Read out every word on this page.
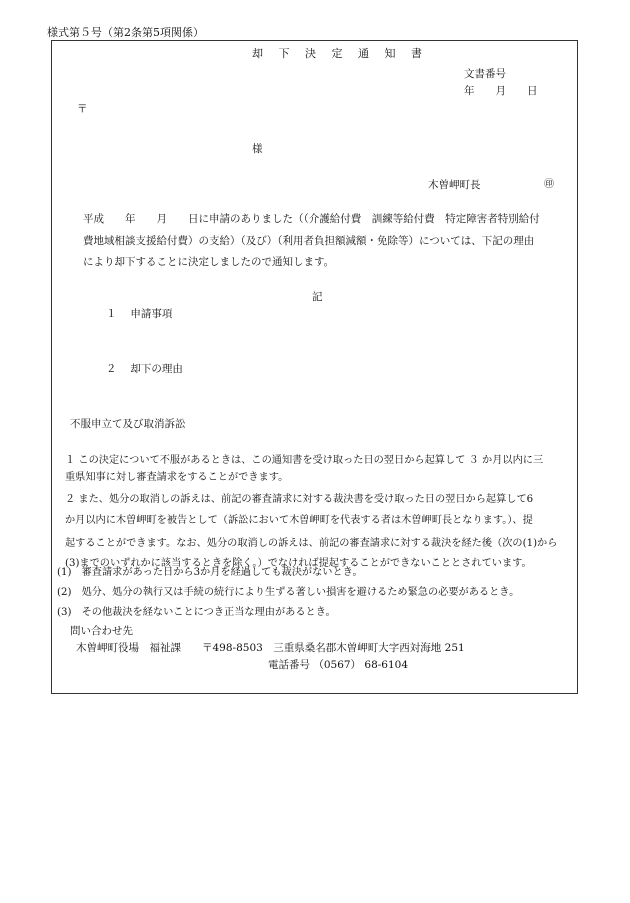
様式第５号（第2条第5項関係）
却 下 決 定 通 知 書
文書番号
年　　月　　日
〒
様
木曽岬町長	㊞
平成　　年　　月　　日に申請のありました（（介護給付費　訓練等給付費　特定障害者特別給付
費地域相談支援給付費）の支給）（及び）（利用者負担額減額・免除等）については、下記の理由
により却下することに決定しましたので通知します。
記
１　 申請事項
２　 却下の理由
不服申立て及び取消訴訟
１ この決定について不服があるときは、この通知書を受け取った日の翌日から起算して ３ か月以内に三
重県知事に対し審査請求をすることができます。
２ また、処分の取消しの訴えは、前記の審査請求に対する裁決書を受け取った日の翌日から起算して6
か月以内に木曽岬町を被告として（訴訟において木曽岬町を代表する者は木曽岬町長となります。）、提
起することができます。なお、処分の取消しの訴えは、前記の審査請求に対する裁決を経た後（次の(1)から(3)までのいずれかに該当するときを除く。）でなければ提起することができないこととされています。
(1)　審査請求があった日から3か月を経過しても裁決がないとき。
(2)　処分、処分の執行又は手続の続行により生ずる著しい損害を避けるため緊急の必要があるとき。
(3)　その他裁決を経ないことにつき正当な理由があるとき。
問い合わせ先
木曽岬町役場　福祉課　　〒498-8503　三重県桑名郡木曽岬町大字西対海地 251
電話番号 （0567） 68-6104
